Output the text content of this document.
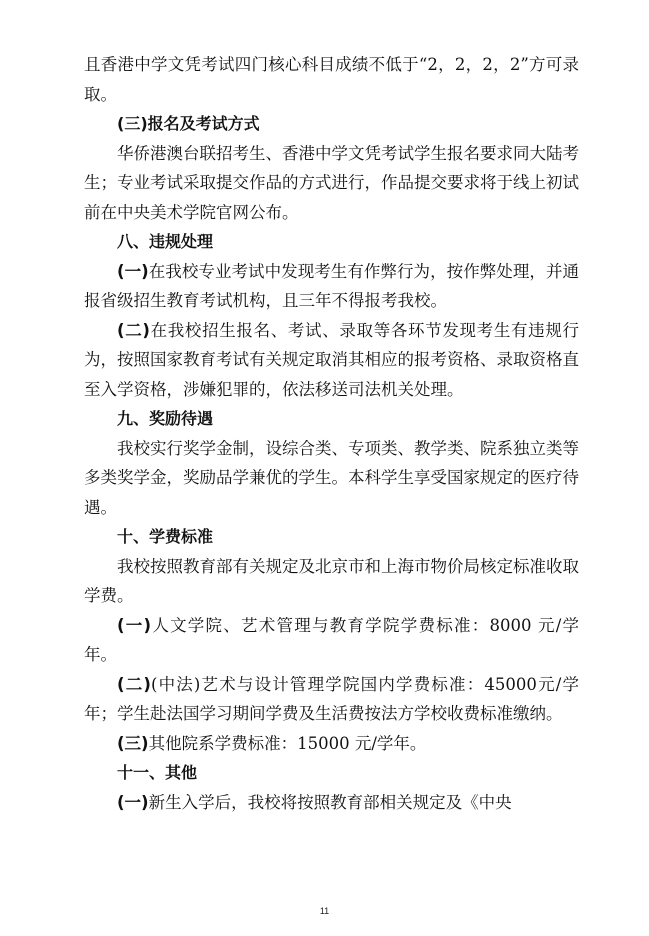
且香港中学文凭考试四门核心科目成绩不低于“2，2，2，2”方可录取。

(三)报名及考试方式

华侨港澳台联招考生、香港中学文凭考试学生报名要求同大陆考生；专业考试采取提交作品的方式进行，作品提交要求将于线上初试前在中央美术学院官网公布。

八、违规处理

(一)在我校专业考试中发现考生有作弊行为，按作弊处理，并通报省级招生教育考试机构，且三年不得报考我校。

(二)在我校招生报名、考试、录取等各环节发现考生有违规行为，按照国家教育考试有关规定取消其相应的报考资格、录取资格直至入学资格，涉嫌犯罪的，依法移送司法机关处理。

九、奖励待遇

我校实行奖学金制，设综合类、专项类、教学类、院系独立类等多类奖学金，奖励品学兼优的学生。本科学生享受国家规定的医疗待遇。

十、学费标准

我校按照教育部有关规定及北京市和上海市物价局核定标准收取学费。

(一)人文学院、艺术管理与教育学院学费标准：8000 元/学年。

(二)(中法)艺术与设计管理学院国内学费标准：45000元/学年；学生赴法国学习期间学费及生活费按法方学校收费标准缴纳。

(三)其他院系学费标准：15000 元/学年。

十一、其他

(一)新生入学后，我校将按照教育部相关规定及《中央

11
